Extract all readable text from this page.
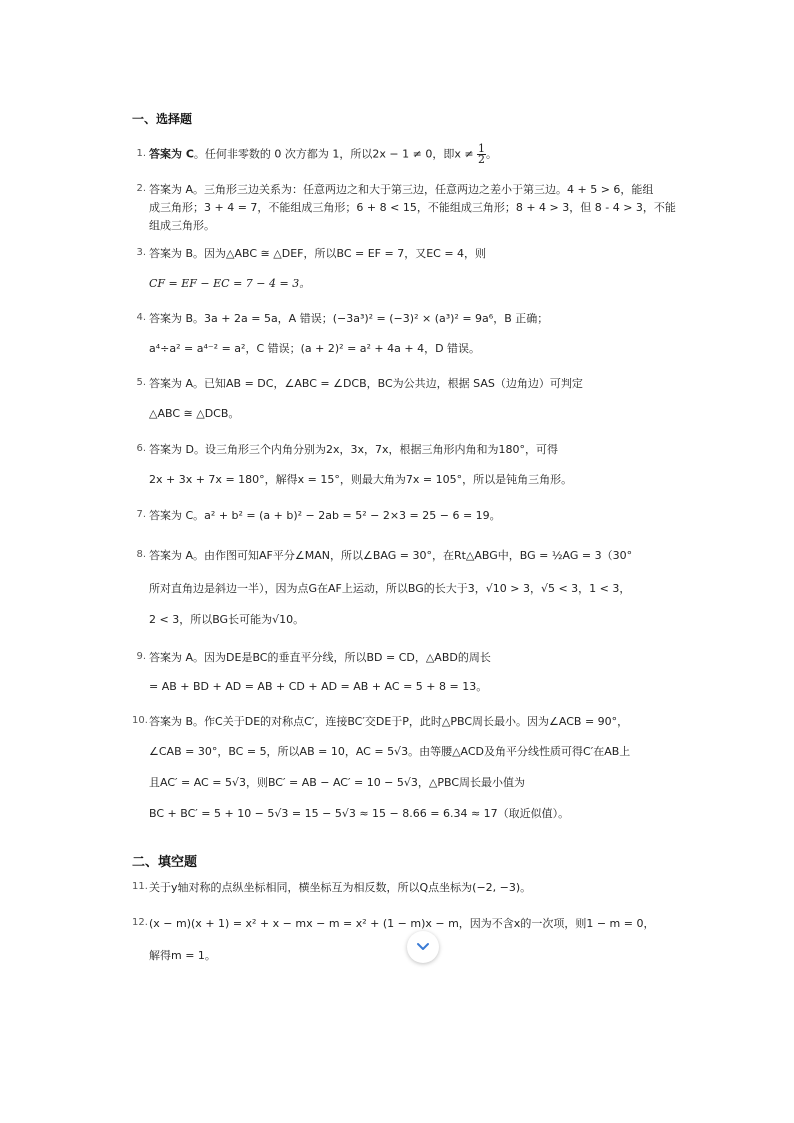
一、选择题
二、填空题
1. 答案为 C。任何非零数的 0 次方都为 1，所以2x − 1 ≠ 0，即$x \ne \frac{1}{2}$ 。
2. 答案为 A。三角形三边关系为：任意两边之和大于第三边，任意两边之差小于第三边。4 + 5 > 6，能组
成三角形；3 + 4 = 7，不能组成三角形；6 + 8 < 15，不能组成三角形；8 + 4 > 3，但 8 - 4 > 3，不能
组成三角形。
3. 答案为 B。因为△ABC ≅ △DEF，所以BC = EF = 7，又EC = 4，则
CF = EF − EC = 7 − 4 = 3。
4. 答案为 B。3a + 2a = 5a，A 错误；(−3a³)² = (−3)² × (a³)² = 9a⁶，B 正确；
a⁴÷a² = a⁴⁻² = a²，C 错误；(a + 2)² = a² + 4a + 4，D 错误。
5. 答案为 A。已知AB = DC，∠ABC = ∠DCB，BC为公共边，根据 SAS（边角边）可判定
△ABC ≅ △DCB。
6. 答案为 D。设三角形三个内角分别为2x，3x，7x，根据三角形内角和为180°，可得
2x + 3x + 7x = 180°，解得x = 15°，则最大角为7x = 105°，所以是钝角三角形。
7. 答案为 C。a² + b² = (a + b)² − 2ab = 5² − 2×3 = 25 − 6 = 19。
8. 答案为 A。由作图可知AF平分∠MAN，所以∠BAG = 30°，在Rt△ABG中，BG = ½AG = 3（30°
所对直角边是斜边一半），因为点G在AF上运动，所以BG的长大于3，√10 > 3，√5 < 3，1 < 3，
2 < 3，所以BG长可能为√10。
9. 答案为 A。因为DE是BC的垂直平分线，所以BD = CD，△ABD的周长
= AB + BD + AD = AB + CD + AD = AB + AC = 5 + 8 = 13。
10. 答案为 B。作C关于DE的对称点C′，连接BC′交DE于P，此时△PBC周长最小。因为∠ACB = 90°，
∠CAB = 30°，BC = 5，所以AB = 10，AC = 5√3。由等腰△ACD及角平分线性质可得C′在AB上
且AC′ = AC = 5√3，则BC′ = AB − AC′ = 10 − 5√3，△PBC周长最小值为
BC + BC′ = 5 + 10 − 5√3 = 15 − 5√3 ≈ 15 − 8.66 = 6.34 ≈ 17（取近似值）。
11. 关于y轴对称的点纵坐标相同，横坐标互为相反数，所以Q点坐标为(−2, −3)。
12. (x − m)(x + 1) = x² + x − mx − m = x² + (1 − m)x − m，因为不含x的一次项，则1 − m = 0，
解得m = 1。
